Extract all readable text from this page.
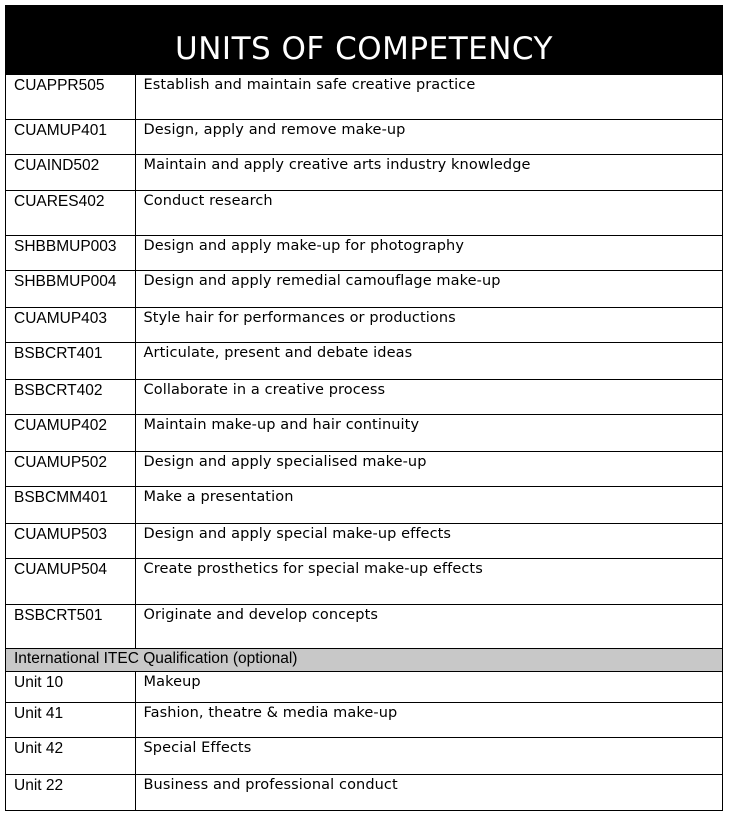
UNITS OF COMPETENCY
CUAPPR505	Establish and maintain safe creative practice
CUAMUP401	Design, apply and remove make-up
CUAIND502	Maintain and apply creative arts industry knowledge
CUARES402	Conduct research
SHBBMUP003	Design and apply make-up for photography
SHBBMUP004	Design and apply remedial camouflage make-up
CUAMUP403	Style hair for performances or productions
BSBCRT401	Articulate, present and debate ideas
BSBCRT402	Collaborate in a creative process
CUAMUP402	Maintain make-up and hair continuity
CUAMUP502	Design and apply specialised make-up
BSBCMM401	Make a presentation
CUAMUP503	Design and apply special make-up effects
CUAMUP504	Create prosthetics for special make-up effects
BSBCRT501	Originate and develop concepts
International ITEC Qualification (optional)	
Unit 10	Makeup
Unit 41	Fashion, theatre & media make-up
Unit 42	Special Effects
Unit 22	Business and professional conduct
